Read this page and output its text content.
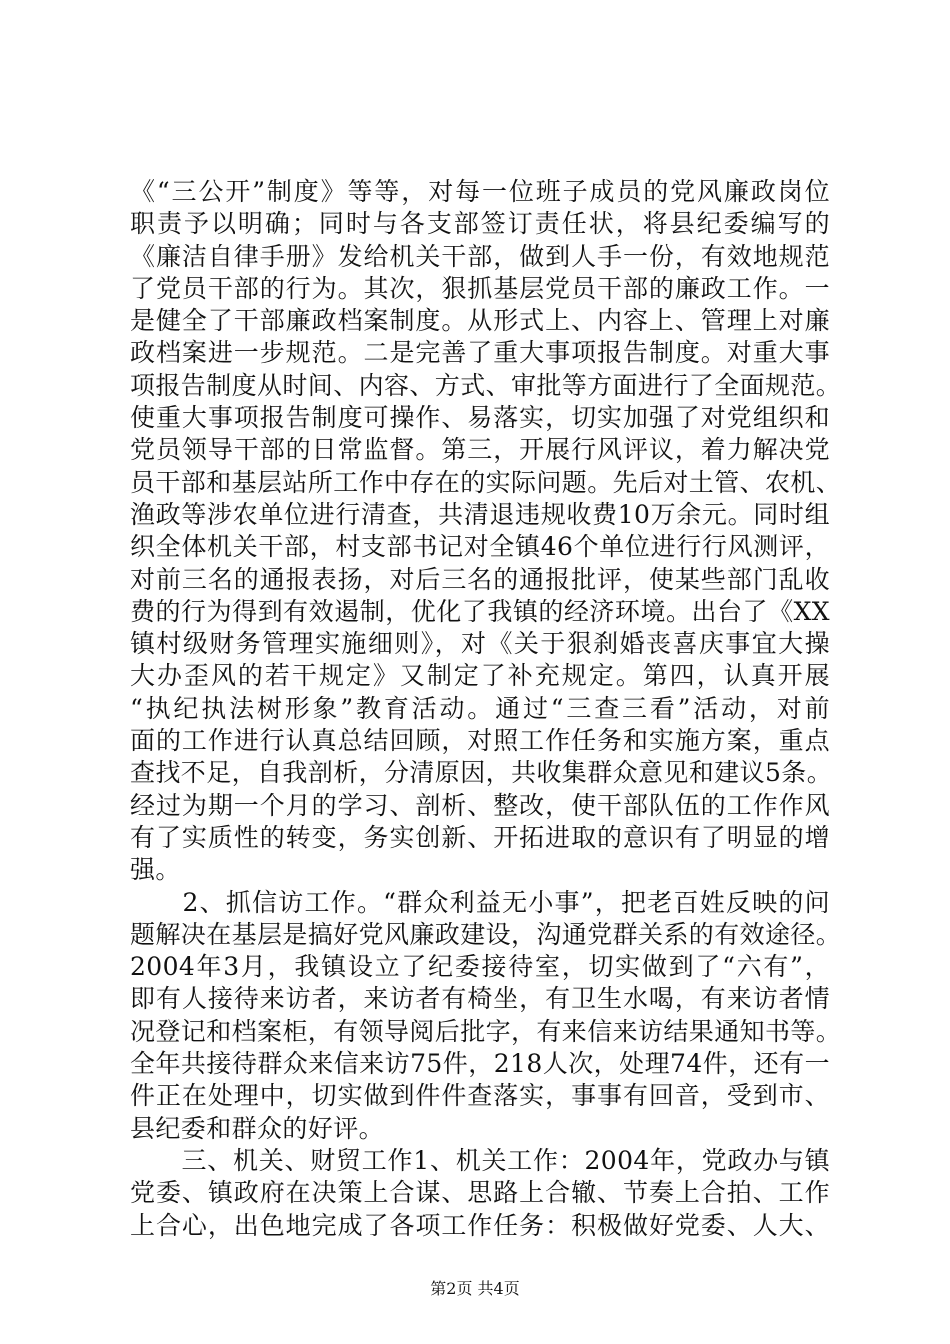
《“三公开”制度》等等，对每一位班子成员的党风廉政岗位
职责予以明确；同时与各支部签订责任状，将县纪委编写的
《廉洁自律手册》发给机关干部，做到人手一份，有效地规范
了党员干部的行为。其次，狠抓基层党员干部的廉政工作。一
是健全了干部廉政档案制度。从形式上、内容上、管理上对廉
政档案进一步规范。二是完善了重大事项报告制度。对重大事
项报告制度从时间、内容、方式、审批等方面进行了全面规范。
使重大事项报告制度可操作、易落实，切实加强了对党组织和
党员领导干部的日常监督。第三，开展行风评议，着力解决党
员干部和基层站所工作中存在的实际问题。先后对土管、农机、
渔政等涉农单位进行清查，共清退违规收费10万余元。同时组
织全体机关干部，村支部书记对全镇46个单位进行行风测评，
对前三名的通报表扬，对后三名的通报批评，使某些部门乱收
费的行为得到有效遏制，优化了我镇的经济环境。出台了《XX
镇村级财务管理实施细则》，对《关于狠刹婚丧喜庆事宜大操
大办歪风的若干规定》又制定了补充规定。第四，认真开展
“执纪执法树形象”教育活动。通过“三查三看”活动，对前
面的工作进行认真总结回顾，对照工作任务和实施方案，重点
查找不足，自我剖析，分清原因，共收集群众意见和建议5条。
经过为期一个月的学习、剖析、整改，使干部队伍的工作作风
有了实质性的转变，务实创新、开拓进取的意识有了明显的增
强。
　　2、抓信访工作。“群众利益无小事”，把老百姓反映的问
题解决在基层是搞好党风廉政建设，沟通党群关系的有效途径。
2004年3月，我镇设立了纪委接待室，切实做到了“六有”，
即有人接待来访者，来访者有椅坐，有卫生水喝，有来访者情
况登记和档案柜，有领导阅后批字，有来信来访结果通知书等。
全年共接待群众来信来访75件，218人次，处理74件，还有一
件正在处理中，切实做到件件查落实，事事有回音，受到市、
县纪委和群众的好评。
　　三、机关、财贸工作1、机关工作：2004年，党政办与镇
党委、镇政府在决策上合谋、思路上合辙、节奏上合拍、工作
上合心，出色地完成了各项工作任务：积极做好党委、人大、
第2页 共4页
